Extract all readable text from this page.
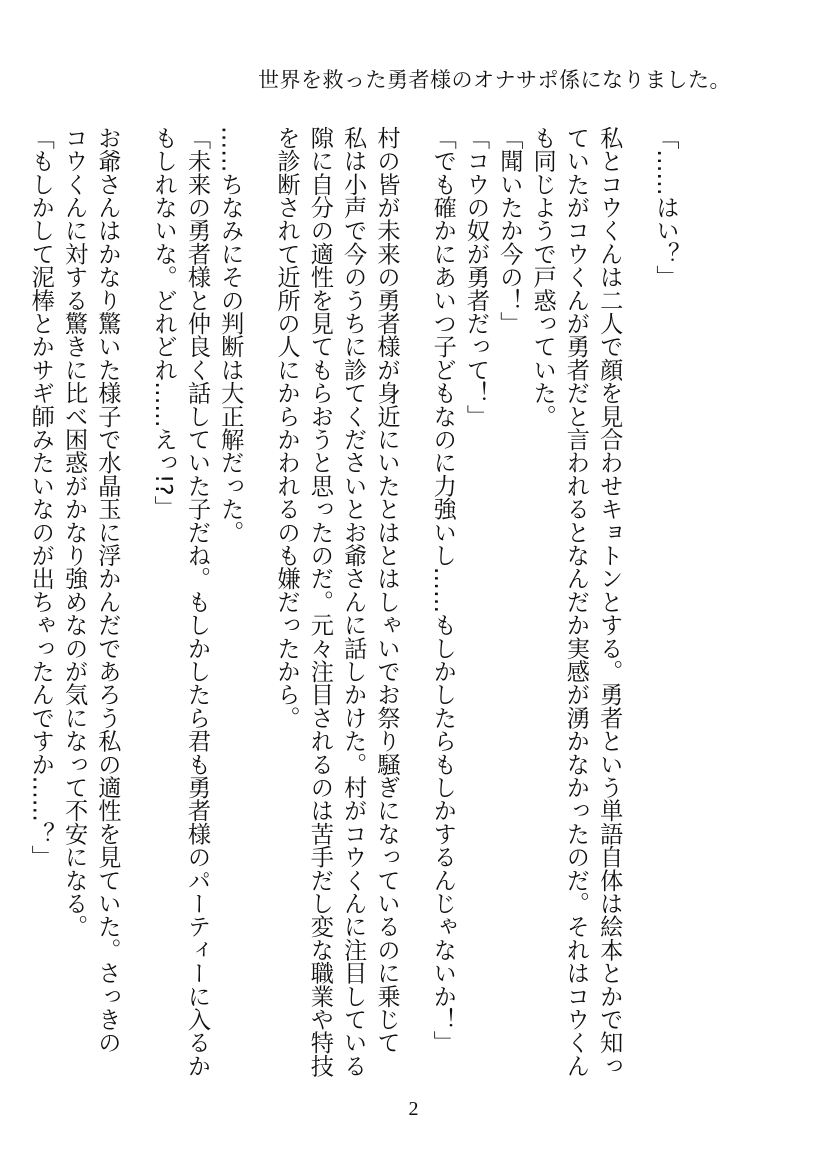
世界を救った勇者様のオナサポ係になりました。
「……はい？」
私とコウくんは二人で顔を見合わせキョトンとする。勇者という単語自体は絵本とかで知っ
ていたがコウくんが勇者だと言われるとなんだか実感が湧かなかったのだ。それはコウくん
も同じようで戸惑っていた。
「聞いたか今の！」
「コウの奴が勇者だって！」
「でも確かにあいつ子どもなのに力強いし……もしかしたらもしかするんじゃないか！」
村の皆が未来の勇者様が身近にいたとはとはしゃいでお祭り騒ぎになっているのに乗じて
私は小声で今のうちに診てくださいとお爺さんに話しかけた。村がコウくんに注目している
隙に自分の適性を見てもらおうと思ったのだ。元々注目されるのは苦手だし変な職業や特技
を診断されて近所の人にからかわれるのも嫌だったから。
……ちなみにその判断は大正解だった。
「未来の勇者様と仲良く話していた子だね。もしかしたら君も勇者様のパーティーに入るか
もしれないな。どれどれ……えっ!?」
お爺さんはかなり驚いた様子で水晶玉に浮かんだであろう私の適性を見ていた。さっきの
コウくんに対する驚きに比べ困惑がかなり強めなのが気になって不安になる。
「もしかして泥棒とかサギ師みたいなのが出ちゃったんですか……？」
2
